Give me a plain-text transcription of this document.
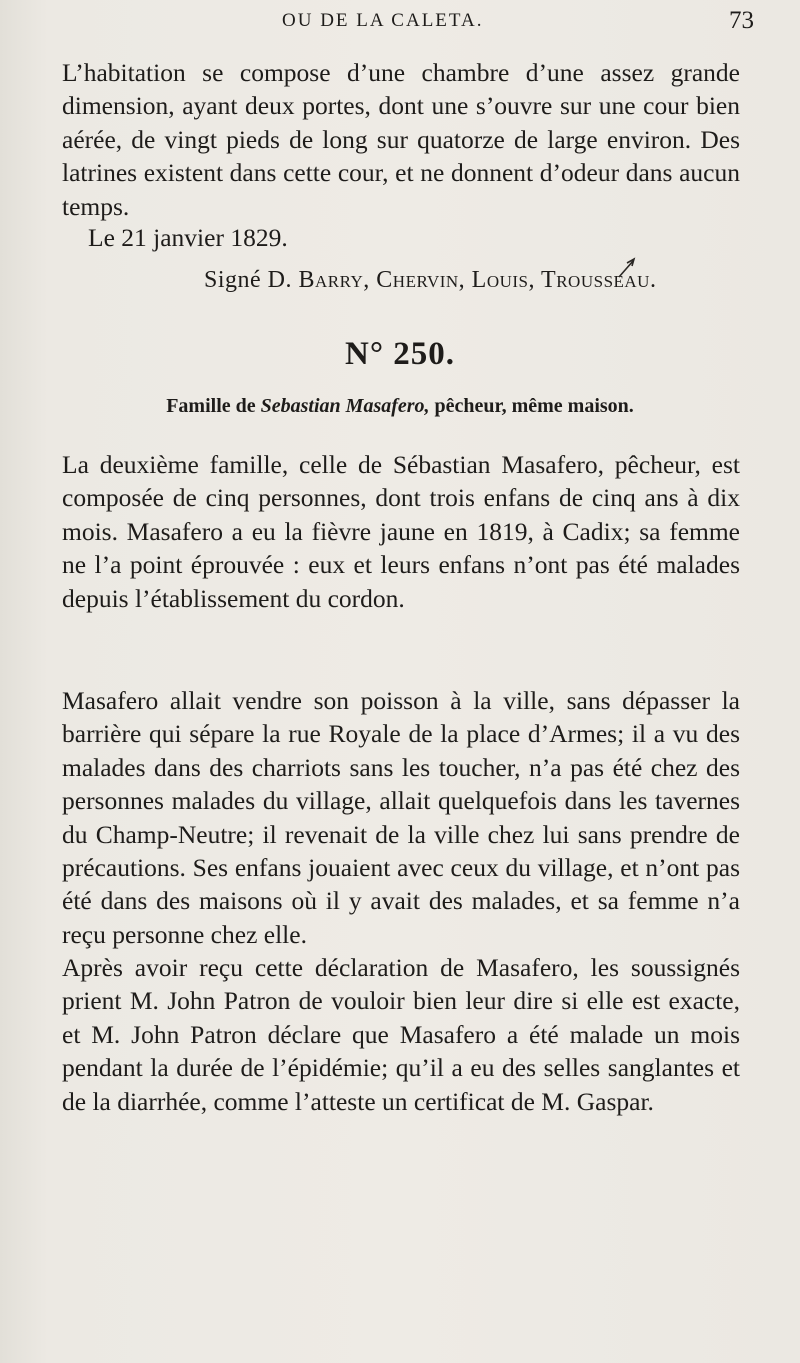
OU DE LA CALETA.	73

L’habitation se compose d’une chambre d’une assez grande dimension, ayant deux portes, dont une s’ouvre sur une cour bien aérée, de vingt pieds de long sur quatorze de large environ. Des latrines existent dans cette cour, et ne donnent d’odeur dans aucun temps.

Le 21 janvier 1829.
Signé D. Barry, Chervin, Louis, Trousseau.
N° 250.
Famille de Sebastian Masafero, pêcheur, même maison.

La deuxième famille, celle de Sébastian Masafero, pêcheur, est composée de cinq personnes, dont trois enfans de cinq ans à dix mois. Masafero a eu la fièvre jaune en 1819, à Cadix; sa femme ne l’a point éprouvée : eux et leurs enfans n’ont pas été malades depuis l’établissement du cordon.

Masafero allait vendre son poisson à la ville, sans dépasser la barrière qui sépare la rue Royale de la place d’Armes; il a vu des malades dans des charriots sans les toucher, n’a pas été chez des personnes malades du village, allait quelquefois dans les tavernes du Champ-Neutre; il revenait de la ville chez lui sans prendre de précautions. Ses enfans jouaient avec ceux du village, et n’ont pas été dans des maisons où il y avait des malades, et sa femme n’a reçu personne chez elle.

Après avoir reçu cette déclaration de Masafero, les soussignés prient M. John Patron de vouloir bien leur dire si elle est exacte, et M. John Patron déclare que Masafero a été malade un mois pendant la durée de l’épidémie; qu’il a eu des selles sanglantes et de la diarrhée, comme l’atteste un certificat de M. Gaspar.
